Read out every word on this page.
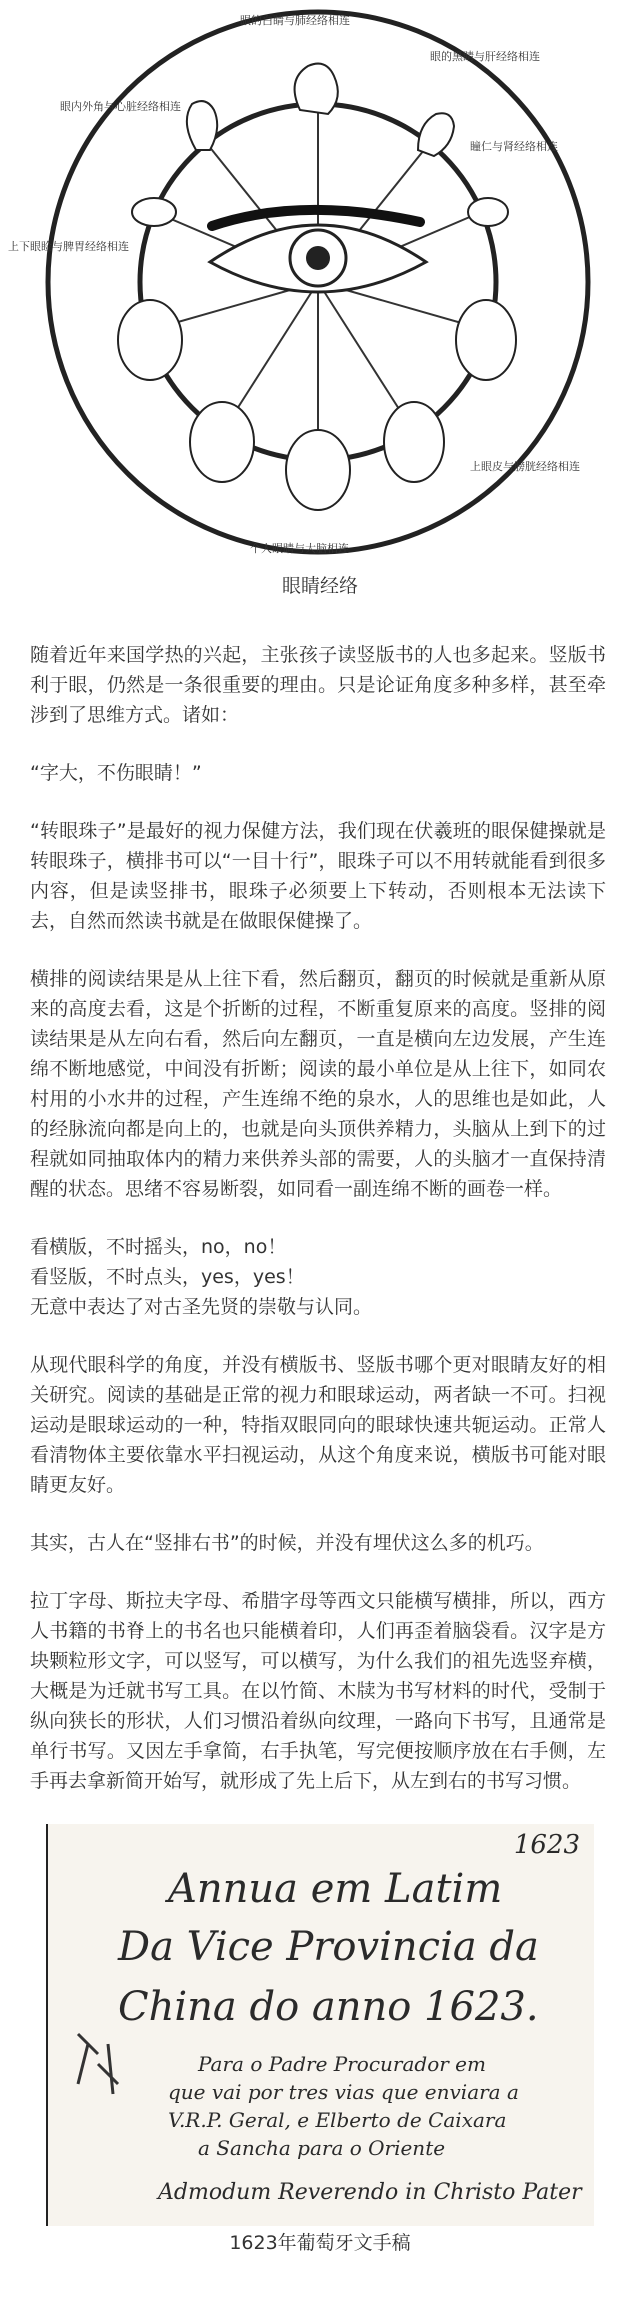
眼的白睛与肺经络相连
眼内外角与心脏经络相连
眼的黑睛与肝经络相连
瞳仁与肾经络相连
上下眼睑与脾胃经络相连
上眼皮与膀胱经络相连
个人眼睛与大脑相连
眼睛经络

随着近年来国学热的兴起，主张孩子读竖版书的人也多起来。竖版书利于眼，仍然是一条很重要的理由。只是论证角度多种多样，甚至牵涉到了思维方式。诸如：

“字大，不伤眼睛！”

“转眼珠子”是最好的视力保健方法，我们现在伏羲班的眼保健操就是转眼珠子，横排书可以“一目十行”，眼珠子可以不用转就能看到很多内容，但是读竖排书，眼珠子必须要上下转动，否则根本无法读下去，自然而然读书就是在做眼保健操了。

横排的阅读结果是从上往下看，然后翻页，翻页的时候就是重新从原来的高度去看，这是个折断的过程，不断重复原来的高度。竖排的阅读结果是从左向右看，然后向左翻页，一直是横向左边发展，产生连绵不断地感觉，中间没有折断；阅读的最小单位是从上往下，如同农村用的小水井的过程，产生连绵不绝的泉水，人的思维也是如此，人的经脉流向都是向上的，也就是向头顶供养精力，头脑从上到下的过程就如同抽取体内的精力来供养头部的需要，人的头脑才一直保持清醒的状态。思绪不容易断裂，如同看一副连绵不断的画卷一样。

看横版，不时摇头，no，no！
看竖版，不时点头，yes，yes！
无意中表达了对古圣先贤的崇敬与认同。

从现代眼科学的角度，并没有横版书、竖版书哪个更对眼睛友好的相关研究。阅读的基础是正常的视力和眼球运动，两者缺一不可。扫视运动是眼球运动的一种，特指双眼同向的眼球快速共轭运动。正常人看清物体主要依靠水平扫视运动，从这个角度来说，横版书可能对眼睛更友好。

其实，古人在“竖排右书”的时候，并没有埋伏这么多的机巧。

拉丁字母、斯拉夫字母、希腊字母等西文只能横写横排，所以，西方人书籍的书脊上的书名也只能横着印，人们再歪着脑袋看。汉字是方块颗粒形文字，可以竖写，可以横写，为什么我们的祖先选竖弃横，大概是为迁就书写工具。在以竹简、木牍为书写材料的时代，受制于纵向狭长的形状，人们习惯沿着纵向纹理，一路向下书写，且通常是单行书写。又因左手拿简，右手执笔，写完便按顺序放在右手侧，左手再去拿新简开始写，就形成了先上后下，从左到右的书写习惯。

1623
Annua em Latim
Da Vice Provincia da
China do anno 1623.
Para o Padre Procurador em
que vai por tres vias que enviara a
V.R.P. Geral, e Elberto de Caixara
a Sancha para o Oriente
Admodum Reverendo in Christo Pater
1623年葡萄牙文手稿
